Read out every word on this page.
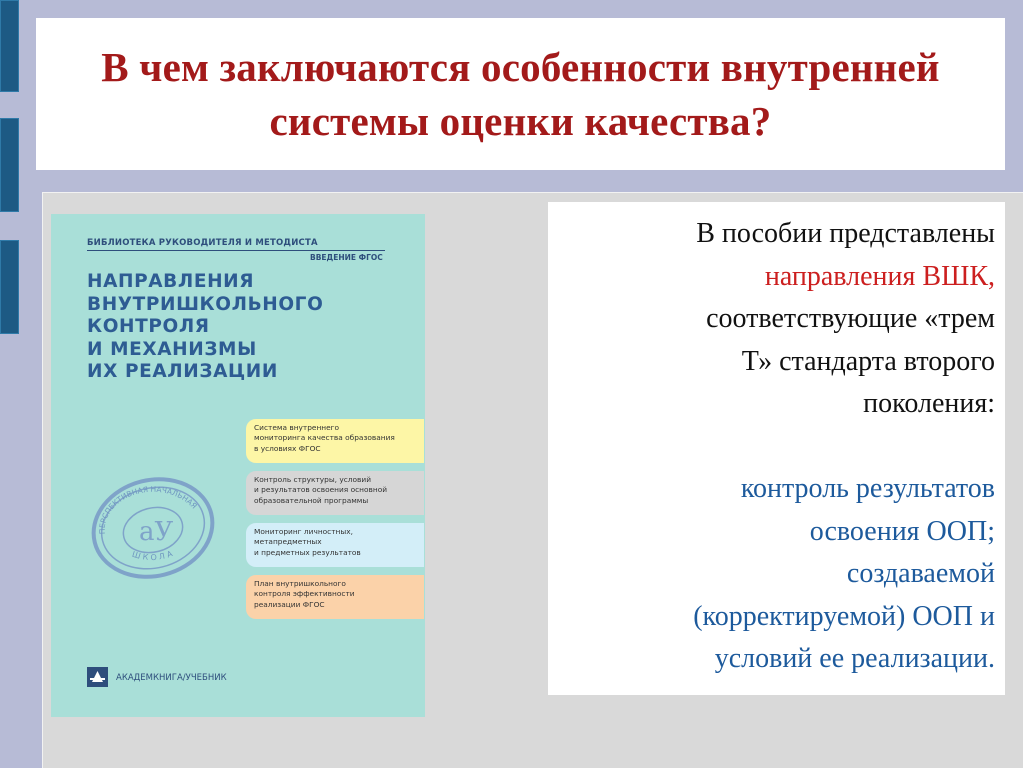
В чем заключаются особенности внутренней системы оценки качества?
БИБЛИОТЕКА РУКОВОДИТЕЛЯ И МЕТОДИСТА
ВВЕДЕНИЕ ФГОС
НАПРАВЛЕНИЯ
ВНУТРИШКОЛЬНОГО
КОНТРОЛЯ
И МЕХАНИЗМЫ
ИХ РЕАЛИЗАЦИИ
Система внутреннего
мониторинга качества образования
в условиях ФГОС
Контроль структуры, условий
и результатов освоения основной
образовательной программы
Мониторинг личностных,
метапредметных
и предметных результатов
План внутришкольного
контроля эффективности
реализации ФГОС
ПЕРСПЕКТИВНАЯ НАЧАЛЬНАЯ
Ш К О Л А
аУ
АКАДЕМКНИГА/УЧЕБНИК
В пособии представлены
направления ВШК,
соответствующие «трем
Т» стандарта второго
поколения:
контроль результатов
освоения ООП;
создаваемой
(корректируемой) ООП и
условий ее реализации.
